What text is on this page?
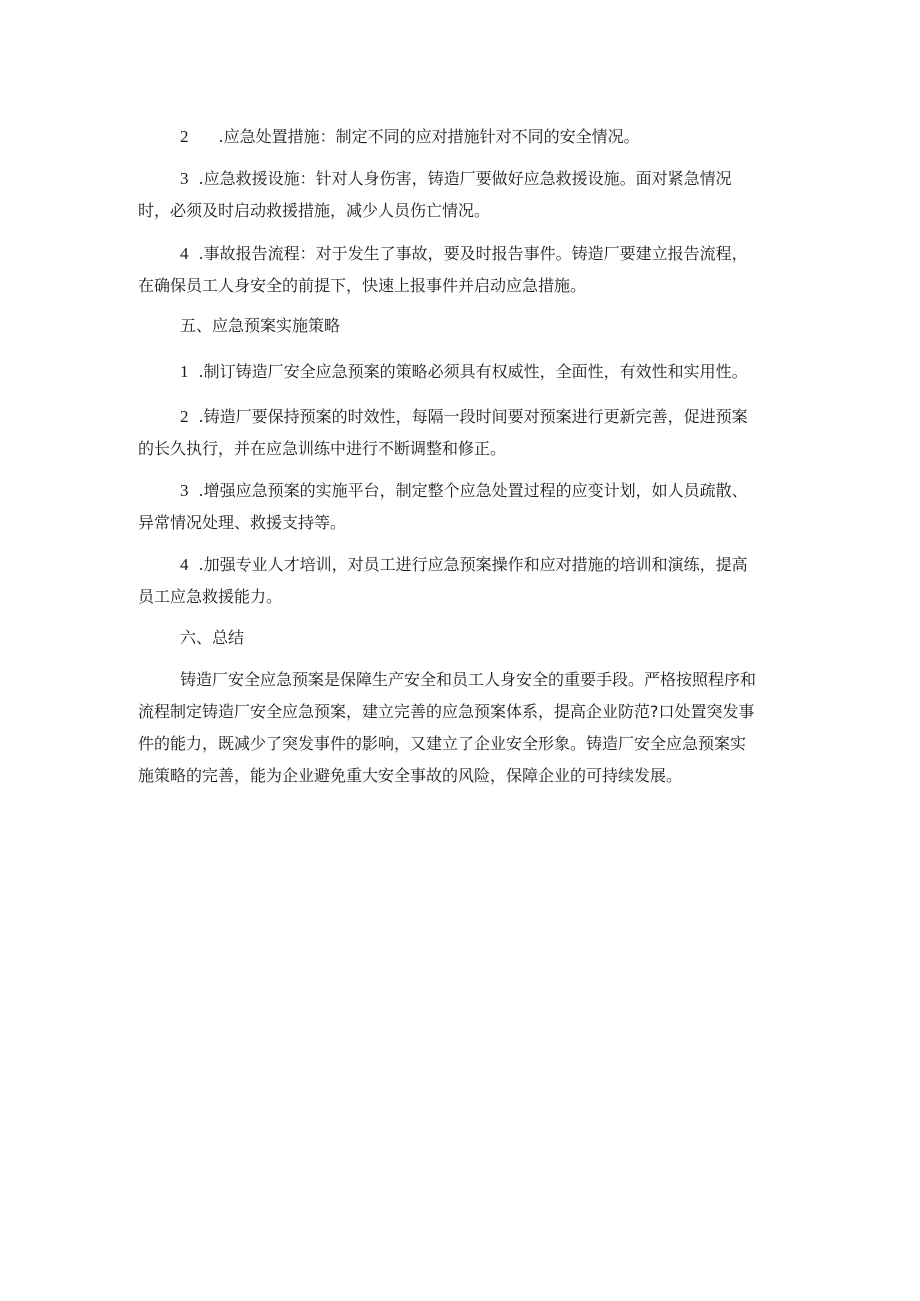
2 .应急处置措施：制定不同的应对措施针对不同的安全情况。
3 .应急救援设施：针对人身伤害，铸造厂要做好应急救援设施。面对紧急情况
时，必须及时启动救援措施，减少人员伤亡情况。
4 .事故报告流程：对于发生了事故，要及时报告事件。铸造厂要建立报告流程，
在确保员工人身安全的前提下，快速上报事件并启动应急措施。
五、应急预案实施策略
1 .制订铸造厂安全应急预案的策略必须具有权威性，全面性，有效性和实用性。
2 .铸造厂要保持预案的时效性，每隔一段时间要对预案进行更新完善，促进预案
的长久执行，并在应急训练中进行不断调整和修正。
3 .增强应急预案的实施平台，制定整个应急处置过程的应变计划，如人员疏散、
异常情况处理、救援支持等。
4 .加强专业人才培训，对员工进行应急预案操作和应对措施的培训和演练，提高
员工应急救援能力。
六、总结
铸造厂安全应急预案是保障生产安全和员工人身安全的重要手段。严格按照程序和
流程制定铸造厂安全应急预案，建立完善的应急预案体系，提高企业防范?口处置突发事
件的能力，既减少了突发事件的影响，又建立了企业安全形象。铸造厂安全应急预案实
施策略的完善，能为企业避免重大安全事故的风险，保障企业的可持续发展。
